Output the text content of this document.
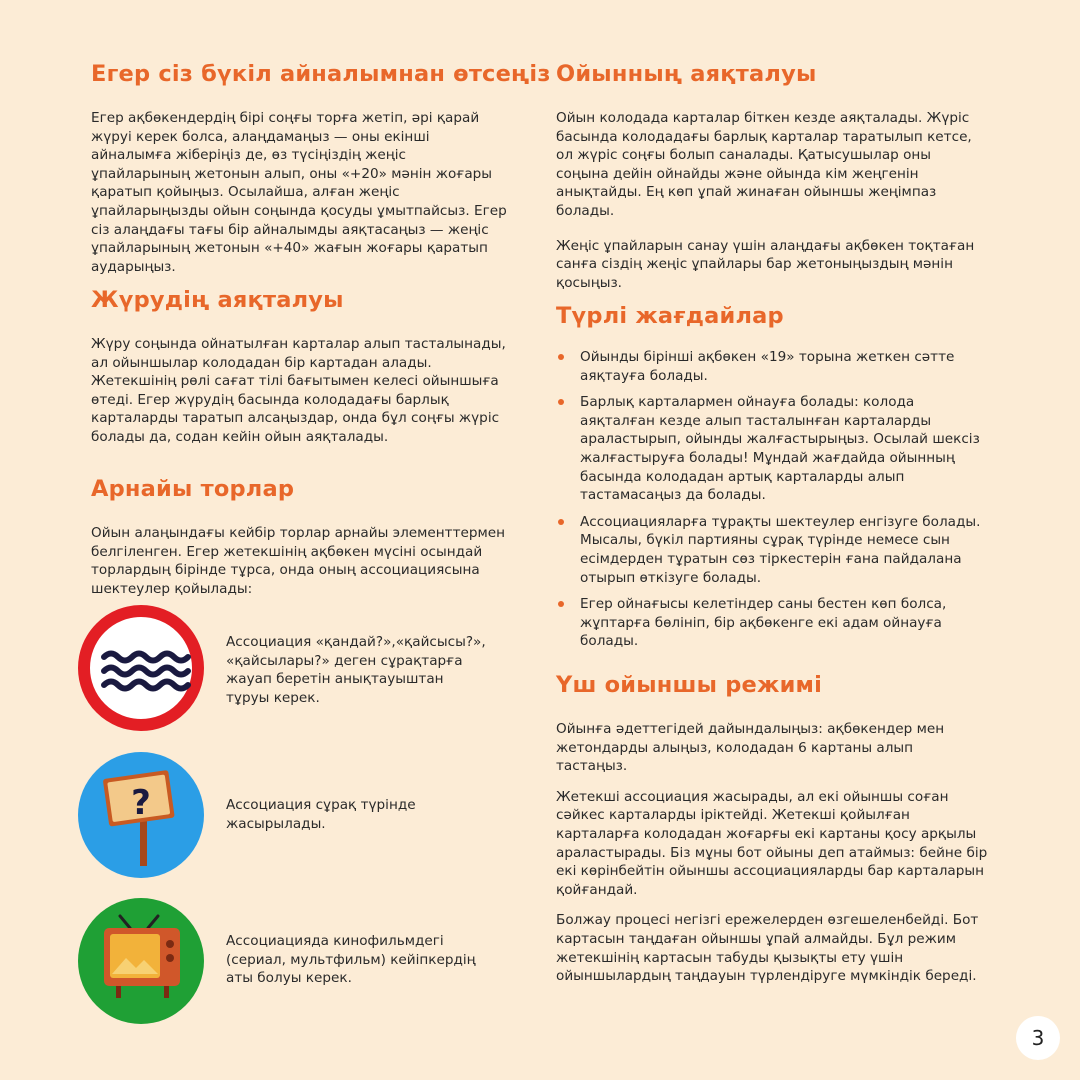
Егер сіз бүкіл айналымнан өтсеңіз

Егер ақбөкендердің бірі соңғы торға жетіп, әрі қарай жүруі керек болса, алаңдамаңыз — оны екінші айналымға жіберіңіз де, өз түсіңіздің жеңіс ұпайларының жетонын алып, оны «+20» мәнін жоғары қаратып қойыңыз. Осылайша, алған жеңіс ұпайларыңызды ойын соңында қосуды ұмытпайсыз. Егер сіз алаңдағы тағы бір айналымды аяқтасаңыз — жеңіс ұпайларының жетонын «+40» жағын жоғары қаратып аударыңыз.

Жүрудің аяқталуы

Жүру соңында ойнатылған карталар алып тасталынады, ал ойыншылар колодадан бір картадан алады. Жетекшінің рөлі сағат тілі бағытымен келесі ойыншыға өтеді. Егер жүрудің басында колодадағы барлық карталарды таратып алсаңыздар, онда бұл соңғы жүріс болады да, содан кейін ойын аяқталады.

Арнайы торлар

Ойын алаңындағы кейбір торлар арнайы элементтермен белгіленген. Егер жетекшінің ақбөкен мүсіні осындай торлардың бірінде тұрса, онда оның ассоциациясына шектеулер қойылады:

Ассоциация «қандай?»,«қайсысы?», «қайсылары?» деген сұрақтарға жауап беретін анықтауыштан тұруы керек.
?	Ассоциация сұрақ түрінде жасырылады.
Ассоциацияда кинофильмдегі (сериал, мультфильм) кейіпкердің аты болуы керек.
Ойынның аяқталуы

Ойын колодада карталар біткен кезде аяқталады. Жүріс басында колодадағы барлық карталар таратылып кетсе, ол жүріс соңғы болып саналады. Қатысушылар оны соңына дейін ойнайды және ойында кім жеңгенін анықтайды. Ең көп ұпай жинаған ойыншы жеңімпаз болады.

Жеңіс ұпайларын санау үшін алаңдағы ақбөкен тоқтаған санға сіздің жеңіс ұпайлары бар жетоныңыздың мәнін қосыңыз.

Түрлі жағдайлар
Ойынды бірінші ақбөкен «19» торына жеткен сәтте аяқтауға болады.
Барлық карталармен ойнауға болады: колода аяқталған кезде алып тасталынған карталарды араластырып, ойынды жалғастырыңыз. Осылай шексіз жалғастыруға болады! Мұндай жағдайда ойынның басында колодадан артық карталарды алып тастамасаңыз да болады.
Ассоциацияларға тұрақты шектеулер енгізуге болады. Мысалы, бүкіл партияны сұрақ түрінде немесе сын есімдерден тұратын сөз тіркестерін ғана пайдалана отырып өткізуге болады.
Егер ойнағысы келетіндер саны бестен көп болса, жұптарға бөлініп, бір ақбөкенге екі адам ойнауға болады.
Үш ойыншы режимі

Ойынға әдеттегідей дайындалыңыз: ақбөкендер мен жетондарды алыңыз, колодадан 6 картаны алып тастаңыз.

Жетекші ассоциация жасырады, ал екі ойыншы соған сәйкес карталарды іріктейді. Жетекші қойылған карталарға колодадан жоғарғы екі картаны қосу арқылы араластырады. Біз мұны бот ойыны деп атаймыз: бейне бір екі көрінбейтін ойыншы ассоциацияларды бар карталарын қойғандай.

Болжау процесі негізгі ережелерден өзгешеленбейді. Бот картасын таңдаған ойыншы ұпай алмайды. Бұл режим жетекшінің картасын табуды қызықты ету үшін ойыншылардың таңдауын түрлендіруге мүмкіндік береді.

3
